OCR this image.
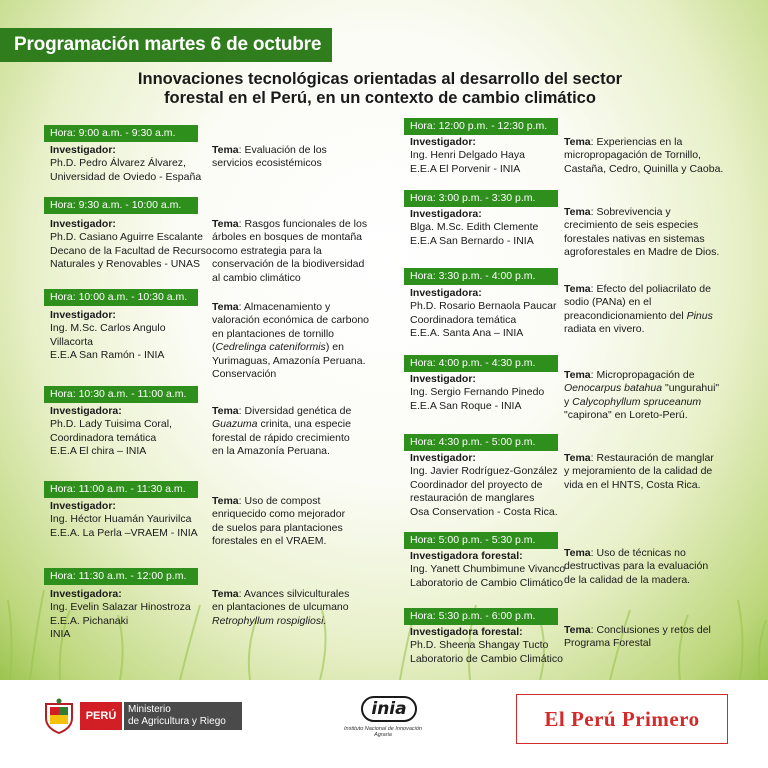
Programación martes 6 de octubre
Innovaciones tecnológicas orientadas al desarrollo del sector
forestal en el Perú, en un contexto de cambio climático
Hora: 9:00 a.m. - 9:30 a.m.
Investigador:
Ph.D. Pedro Álvarez Álvarez,
Universidad de Oviedo - España
Tema: Evaluación de los
servicios ecosistémicos
Hora: 9:30 a.m. - 10:00 a.m.
Investigador:
Ph.D. Casiano Aguirre Escalante
Decano de la Facultad de Recurso
Naturales y Renovables - UNAS
Tema: Rasgos funcionales de los
árboles en bosques de montaña
como estrategia para la
conservación de la biodiversidad
al cambio climático
Hora: 10:00 a.m. - 10:30 a.m.
Investigador:
Ing. M.Sc. Carlos Angulo
Villacorta
E.E.A San Ramón - INIA
Tema: Almacenamiento y
valoración económica de carbono
en plantaciones de tornillo
(Cedrelinga cateniformis) en
Yurimaguas, Amazonía Peruana.
Conservación
Hora: 10:30 a.m. - 11:00 a.m.
Investigadora:
Ph.D. Lady Tuisima Coral,
Coordinadora temática
E.E.A El chira – INIA
Tema: Diversidad genética de
Guazuma crinita, una especie
forestal de rápido crecimiento
en la Amazonía Peruana.
Hora: 11:00 a.m. - 11:30 a.m.
Investigador:
Ing. Héctor Huamán Yaurivilca
E.E.A. La Perla –VRAEM - INIA
Tema: Uso de compost
enriquecido como mejorador
de suelos para plantaciones
forestales en el VRAEM.
Hora: 11:30 a.m. - 12:00 p.m.
Investigadora:
Ing. Evelin Salazar Hinostroza
E.E.A. Pichanaki
INIA
Tema: Avances silviculturales
en plantaciones de ulcumano
Retrophyllum rospigliosi.
Hora: 12:00 p.m. - 12:30 p.m.
Investigador:
Ing. Henri Delgado Haya
E.E.A El Porvenir - INIA
Tema: Experiencias en la
micropropagación de Tornillo,
Castaña, Cedro, Quinilla y Caoba.
Hora: 3:00 p.m. - 3:30 p.m.
Investigadora:
Blga. M.Sc. Edith Clemente
E.E.A San Bernardo - INIA
Tema: Sobrevivencia y
crecimiento de seis especies
forestales nativas en sistemas
agroforestales en Madre de Dios.
Hora: 3:30 p.m. - 4:00 p.m.
Investigadora:
Ph.D. Rosario Bernaola Paucar
Coordinadora temática
E.E.A. Santa Ana – INIA
Tema: Efecto del poliacrilato de
sodio (PANa) en el
preacondicionamiento del Pinus
radiata en vivero.
Hora: 4:00 p.m. - 4:30 p.m.
Investigador:
Ing. Sergio Fernando Pinedo
E.E.A San Roque - INIA
Tema: Micropropagación de
Oenocarpus batahua "ungurahui"
y Calycophyllum spruceanum
"capirona" en Loreto-Perú.
Hora: 4:30 p.m. - 5:00 p.m.
Investigador:
Ing. Javier Rodríguez-González
Coordinador del proyecto de
restauración de manglares
Osa Conservation - Costa Rica.
Tema: Restauración de manglar
y mejoramiento de la calidad de
vida en el HNTS, Costa Rica.
Hora: 5:00 p.m. - 5:30 p.m.
Investigadora forestal:
Ing. Yanett Chumbimune Vivanco
Laboratorio de Cambio Climático
Tema: Uso de técnicas no
destructivas para la evaluación
de la calidad de la madera.
Hora: 5:30 p.m. - 6:00 p.m.
Investigadora forestal:
Ph.D. Sheena Shangay Tucto
Laboratorio de Cambio Climático
Tema: Conclusiones y retos del
Programa Forestal
PERÚ
Ministerio
de Agricultura y Riego
inia
Instituto Nacional de Innovación Agraria
El Perú Primero
